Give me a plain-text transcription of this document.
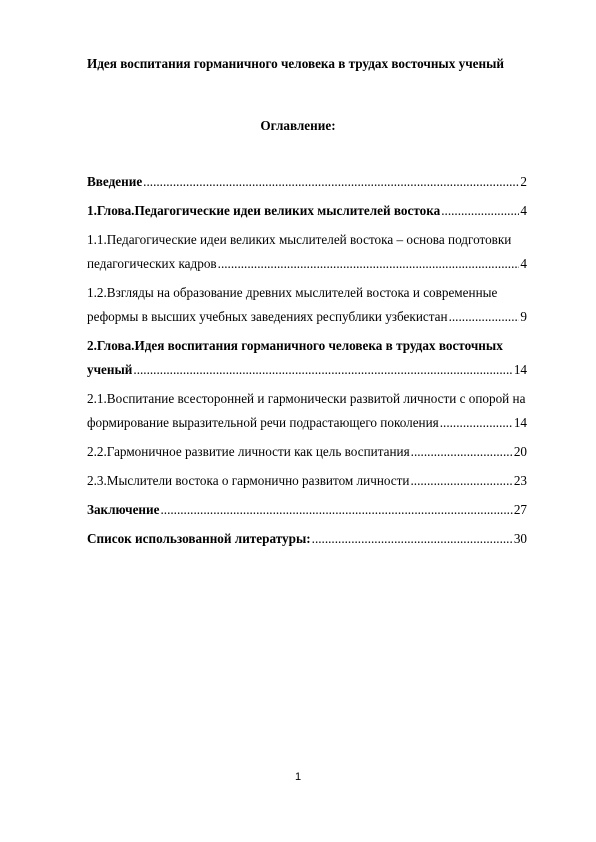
Идея воспитания горманичного человека в трудах восточных ученый
Оглавление:
Введение .....	2
1.Глова.Педагогические идеи великих мыслителей востока .....	4
1.1.Педагогические идеи великих мыслителей востока – основа подготовки
педагогических кадров .....	4
1.2.Взгляды на образование древних мыслителей востока и современные
реформы в высших учебных заведениях республики узбекистан .....	9
2.Глова.Идея воспитания горманичного человека в трудах восточных
ученый .....	14
2.1.Воспитание всесторонней и гармонически развитой личности с опорой на
формирование выразительной речи подрастающего поколения .....	14
2.2.Гармоничное развитие личности как цель воспитания .....	20
2.3.Мыслители востока о гармонично развитом личности .....	23
Заключение .....	27
Список использованной литературы: .....	30
1
